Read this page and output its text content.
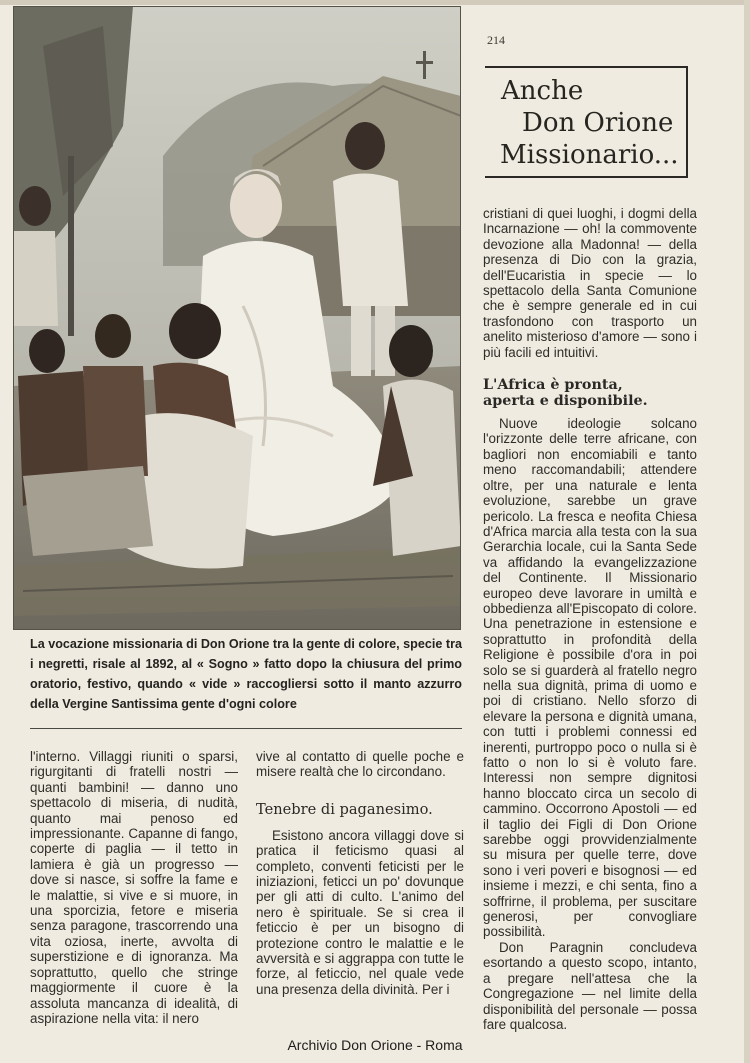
La vocazione missionaria di Don Orione tra la gente di colore, specie tra i negretti, risale al 1892, al « Sogno » fatto dopo la chiusura del primo oratorio, festivo, quando « vide » raccogliersi sotto il manto azzurro della Vergine Santissima gente d'ogni colore
214
Anche
Don Orione
Missionario...

cristiani di quei luoghi, i dogmi della Incarnazione — oh! la commovente devozione alla Madonna! — della presenza di Dio con la grazia, dell'Eucaristia in specie — lo spettacolo della Santa Comunione che è sempre generale ed in cui trasfondono con trasporto un anelito misterioso d'amore — sono i più facili ed intuitivi.

L'Africa è pronta,
aperta e disponibile.

Nuove ideologie solcano l'orizzonte delle terre africane, con bagliori non encomiabili e tanto meno raccomandabili; attendere oltre, per una naturale e lenta evoluzione, sarebbe un grave pericolo. La fresca e neofita Chiesa d'Africa marcia alla testa con la sua Gerarchia locale, cui la Santa Sede va affidando la evangelizzazione del Continente. Il Missionario europeo deve lavorare in umiltà e obbedienza all'Episcopato di colore. Una penetrazione in estensione e soprattutto in profondità della Religione è possibile d'ora in poi solo se si guarderà al fratello negro nella sua dignità, prima di uomo e poi di cristiano. Nello sforzo di elevare la persona e dignità umana, con tutti i problemi connessi ed inerenti, purtroppo poco o nulla si è fatto o non lo si è voluto fare. Interessi non sempre dignitosi hanno bloccato circa un secolo di cammino. Occorrono Apostoli — ed il taglio dei Figli di Don Orione sarebbe oggi provvidenzialmente su misura per quelle terre, dove sono i veri poveri e bisognosi — ed insieme i mezzi, e chi senta, fino a soffrirne, il problema, per suscitare generosi, per convogliare possibilità.

Don Paragnin concludeva esortando a questo scopo, intanto, a pregare nell'attesa che la Congregazione — nel limite della disponibilità del personale — possa fare qualcosa.

l'interno. Villaggi riuniti o sparsi, rigurgitanti di fratelli nostri — quanti bambini! — danno uno spettacolo di miseria, di nudità, quanto mai penoso ed impressionante. Capanne di fango, coperte di paglia — il tetto in lamiera è già un progresso — dove si nasce, si soffre la fame e le malattie, si vive e si muore, in una sporcizia, fetore e miseria senza paragone, trascorrendo una vita oziosa, inerte, avvolta di superstizione e di ignoranza. Ma soprattutto, quello che stringe maggiormente il cuore è la assoluta mancanza di idealità, di aspirazione nella vita: il nero

vive al contatto di quelle poche e misere realtà che lo circondano.

Tenebre di paganesimo.

Esistono ancora villaggi dove si pratica il feticismo quasi al completo, conventi feticisti per le iniziazioni, feticci un po' dovunque per gli atti di culto. L'animo del nero è spirituale. Se si crea il feticcio è per un bisogno di protezione contro le malattie e le avversità e si aggrappa con tutte le forze, al feticcio, nel quale vede una presenza della divinità. Per i

Archivio Don Orione - Roma
